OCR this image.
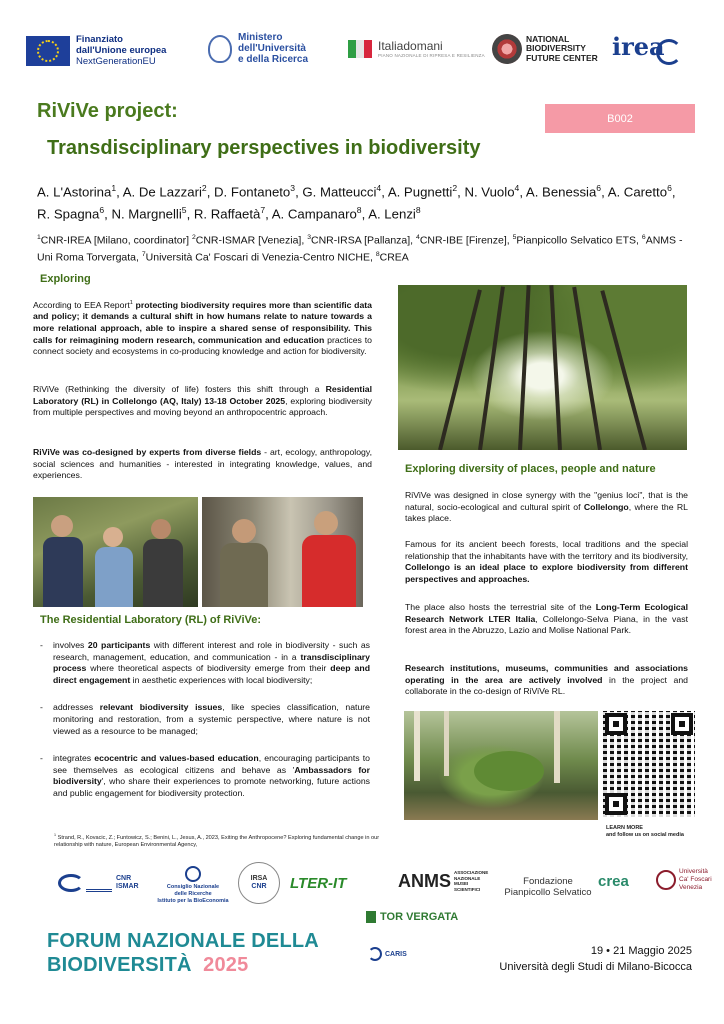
Finanziato
dall'Unione europea
NextGenerationEU
Ministero
dell'Università
e della Ricerca
Italiadomani
PIANO NAZIONALE DI RIPRESA E RESILIENZA
NATIONAL
BIODIVERSITY
FUTURE CENTER irea
RiViVe project:
Transdisciplinary perspectives in biodiversity
B002
A. L'Astorina$^1$, A. De Lazzari$^2$, D. Fontaneto$^3$, G. Matteucci$^4$, A. Pugnetti$^2$, N. Vuolo$^4$, A. Benessia$^6$, A. Caretto$^6$, R. Spagna$^6$, N. Margnelli$^5$, R. Raffaetà$^7$, A. Campanaro$^8$, A. Lenzi$^8$
$^1$CNR-IREA [Milano, coordinator] $^2$CNR-ISMAR [Venezia], $^3$CNR-IRSA [Pallanza], $^4$CNR-IBE [Firenze], $^5$Pianpicollo Selvatico ETS, $^6$ANMS - Uni Roma Torvergata, $^7$Università Ca' Foscari di Venezia-Centro NICHE, $^8$CREA
Exploring
According to EEA Report$^1$ protecting biodiversity requires more than scientific data and policy; it demands a cultural shift in how humans relate to nature towards a more relational approach, able to inspire a shared sense of responsibility. This calls for reimagining modern research, communication and education practices to connect society and ecosystems in co-producing knowledge and action for biodiversity.
RiViVe (Rethinking the diversity of life) fosters this shift through a Residential Laboratory (RL) in Collelongo (AQ, Italy) 13-18 October 2025, exploring biodiversity from multiple perspectives and moving beyond an anthropocentric approach.
RiViVe was co-designed by experts from diverse fields - art, ecology, anthropology, social sciences and humanities - interested in integrating knowledge, values, and experiences.
The Residential Laboratory (RL) of RiViVe:
- involves 20 participants with different interest and role in biodiversity - such as research, management, education, and communication - in a transdisciplinary process where theoretical aspects of biodiversity emerge from their deep and direct engagement in aesthetic experiences with local biodiversity;
- addresses relevant biodiversity issues, like species classification, nature monitoring and restoration, from a systemic perspective, where nature is not viewed as a resource to be managed;
- integrates ecocentric and values-based education, encouraging participants to see themselves as ecological citizens and behave as 'Ambassadors for biodiversity', who share their experiences to promote networking, future actions and public engagement for biodiversity protection.
$^1$ Strand, R., Kovacic, Z.; Funtowicz, S.; Benini, L., Jesus, A., 2023, Exiting the Anthropocene? Exploring fundamental change in our relationship with nature, European Environmental Agency,
Exploring diversity of places, people and nature
RiViVe was designed in close synergy with the "genius loci", that is the natural, socio-ecological and cultural spirit of Collelongo, where the RL takes place.
Famous for its ancient beech forests, local traditions and the special relationship that the inhabitants have with the territory and its biodiversity, Collelongo is an ideal place to explore biodiversity from different perspectives and approaches.
The place also hosts the terrestrial site of the Long-Term Ecological Research Network LTER Italia, Collelongo-Selva Piana, in the vast forest area in the Abruzzo, Lazio and Molise National Park.
Research institutions, museums, communities and associations operating in the area are actively involved in the project and collaborate in the co-design of RiViVe RL.
LEARN MORE
and follow us on social media
CNR
ISMAR	Consiglio Nazionale
delle Ricerche
Istituto per la BioEconomia
IRSA
CNR LTER-IT	ANMS ASSOCIAZIONE
NAZIONALE
MUSEI
SCIENTIFICI
Fondazione
Pianpicollo Selvatico
crea
Università
Ca' Foscari
Venezia
FORUM NAZIONALE DELLA
BIODIVERSITÀ 2025
TOR VERGATA
CARIS	19 • 21 Maggio 2025
Università degli Studi di Milano-Bicocca
